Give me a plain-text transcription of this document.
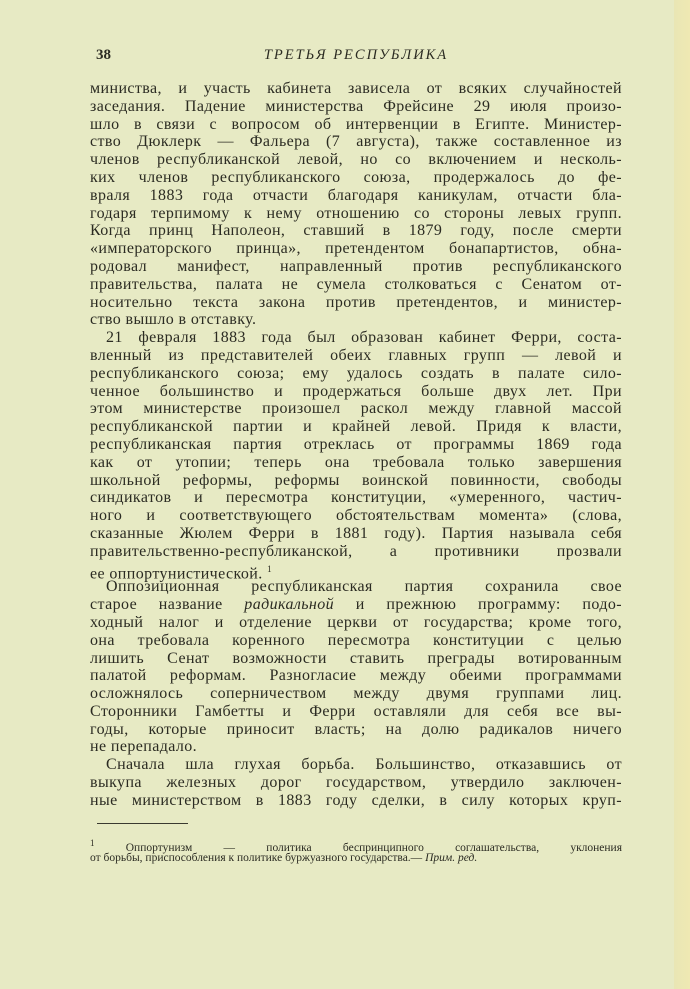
38	ТРЕТЬЯ РЕСПУБЛИКА
министва, и участь кабинета зависела от всяких случайностей
заседания. Падение министерства Фрейсине 29 июля произо-
шло в связи с вопросом об интервенции в Египте. Министер-
ство Дюклерк — Фальера (7 августа), также составленное из
членов республиканской левой, но со включением и несколь-
ких членов республиканского союза, продержалось до фе-
враля 1883 года отчасти благодаря каникулам, отчасти бла-
годаря терпимому к нему отношению со стороны левых групп.
Когда принц Наполеон, ставший в 1879 году, после смерти
«императорского принца», претендентом бонапартистов, обна-
родовал манифест, направленный против республиканского
правительства, палата не сумела столковаться с Сенатом от-
носительно текста закона против претендентов, и министер-
ство вышло в отставку.
21 февраля 1883 года был образован кабинет Ферри, соста-
вленный из представителей обеих главных групп — левой и
республиканского союза; ему удалось создать в палате сило-
ченное большинство и продержаться больше двух лет. При
этом министерстве произошел раскол между главной массой
республиканской партии и крайней левой. Придя к власти,
республиканская партия отреклась от программы 1869 года
как от утопии; теперь она требовала только завершения
школьной реформы, реформы воинской повинности, свободы
синдикатов и пересмотра конституции, «умеренного, частич-
ного и соответствующего обстоятельствам момента» (слова,
сказанные Жюлем Ферри в 1881 году). Партия называла себя
правительственно-республиканской, а противники прозвали
ее оппортунистической. $^1$
Оппозиционная республиканская партия сохранила свое
старое название радикальной и прежнюю программу: подо-
ходный налог и отделение церкви от государства; кроме того,
она требовала коренного пересмотра конституции с целью
лишить Сенат возможности ставить преграды вотированным
палатой реформам. Разногласие между обеими программами
осложнялось соперничеством между двумя группами лиц.
Сторонники Гамбетты и Ферри оставляли для себя все вы-
годы, которые приносит власть; на долю радикалов ничего
не перепадало.
Сначала шла глухая борьба. Большинство, отказавшись от
выкупа железных дорог государством, утвердило заключен-
ные министерством в 1883 году сделки, в силу которых круп-
$^1$	Оппортунизм — политика беспринципного соглашательства, уклонения
от борьбы, приспособления к политике буржуазного государства.— Прим. ред.
